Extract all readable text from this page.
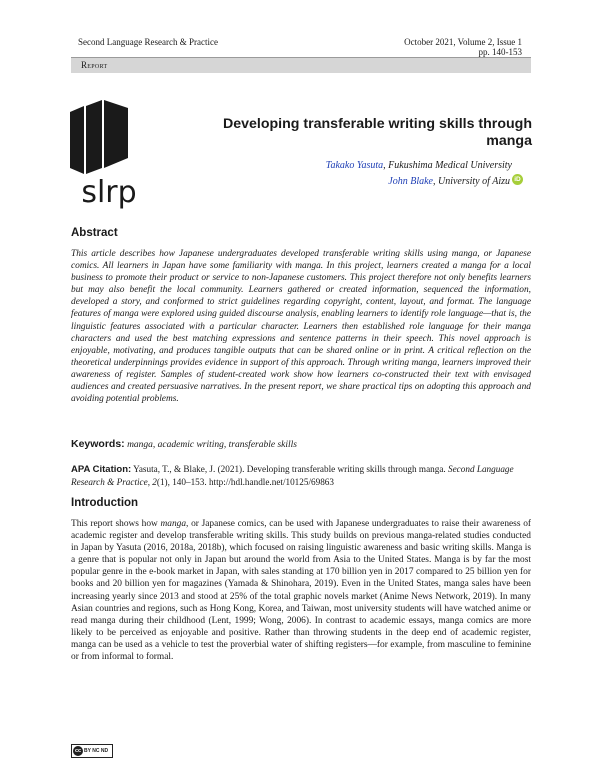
Second Language Research & Practice	October 2021, Volume 2, Issue 1
pp. 140-153
Report
slrp
Developing transferable writing skills through manga
Takako Yasuta, Fukushima Medical University
John Blake, University of Aizu iD
Abstract

This article describes how Japanese undergraduates developed transferable writing skills using manga, or Japanese comics. All learners in Japan have some familiarity with manga. In this project, learners created a manga for a local business to promote their product or service to non-Japanese customers. This project therefore not only benefits learners but may also benefit the local community. Learners gathered or created information, sequenced the information, developed a story, and conformed to strict guidelines regarding copyright, content, layout, and format. The language features of manga were explored using guided discourse analysis, enabling learners to identify role language—that is, the linguistic features associated with a particular character. Learners then established role language for their manga characters and used the best matching expressions and sentence patterns in their speech. This novel approach is enjoyable, motivating, and produces tangible outputs that can be shared online or in print. A critical reflection on the theoretical underpinnings provides evidence in support of this approach. Through writing manga, learners improved their awareness of register. Samples of student-created work show how learners co-constructed their text with envisaged audiences and created persuasive narratives. In the present report, we share practical tips on adopting this approach and avoiding potential problems.

Keywords: manga, academic writing, transferable skills

APA Citation: Yasuta, T., & Blake, J. (2021). Developing transferable writing skills through manga. Second Language Research & Practice, 2(1), 140–153. http://hdl.handle.net/10125/69863

Introduction

This report shows how manga, or Japanese comics, can be used with Japanese undergraduates to raise their awareness of academic register and develop transferable writing skills. This study builds on previous manga-related studies conducted in Japan by Yasuta (2016, 2018a, 2018b), which focused on raising linguistic awareness and basic writing skills. Manga is a genre that is popular not only in Japan but around the world from Asia to the United States. Manga is by far the most popular genre in the e-book market in Japan, with sales standing at 170 billion yen in 2017 compared to 25 billion yen for books and 20 billion yen for magazines (Yamada & Shinohara, 2019). Even in the United States, manga sales have been increasing yearly since 2013 and stood at 25% of the total graphic novels market (Anime News Network, 2019). In many Asian countries and regions, such as Hong Kong, Korea, and Taiwan, most university students will have watched anime or read manga during their childhood (Lent, 1999; Wong, 2006). In contrast to academic essays, manga comics are more likely to be perceived as enjoyable and positive. Rather than throwing students in the deep end of academic register, manga can be used as a vehicle to test the proverbial water of shifting registers—for example, from masculine to feminine or from informal to formal.

cc BY NC ND
